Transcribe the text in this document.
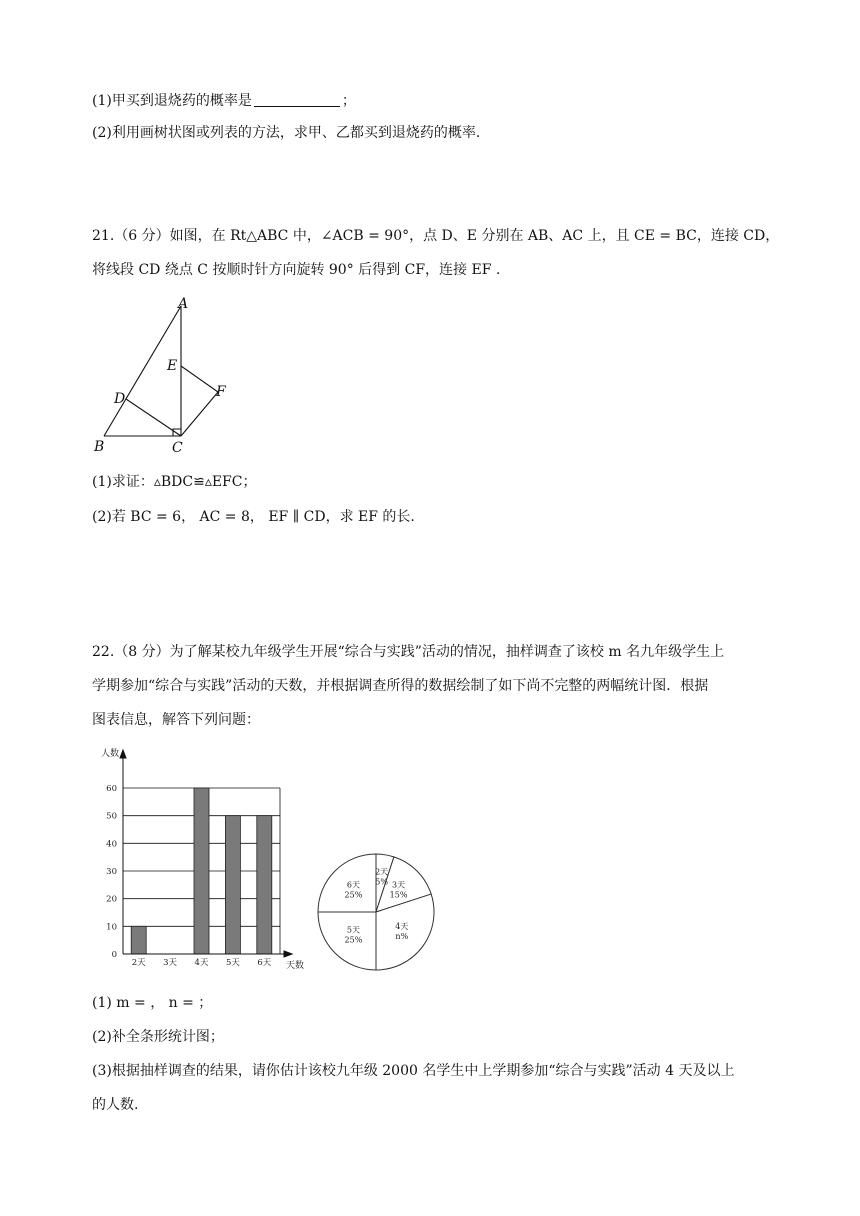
(1)甲买到退烧药的概率是	；
(2)利用画树状图或列表的方法，求甲、乙都买到退烧药的概率.
21.（6 分）如图，在 Rt△ABC 中，∠ACB = 90°，点 D、E 分别在 AB、AC 上，且 CE = BC，连接 CD，
将线段 CD 绕点 C 按顺时针方向旋转 90° 后得到 CF，连接 EF .
A
B	C
D
E
F
(1)求证：▵BDC≌▵EFC；
(2)若 BC = 6， AC = 8， EF ∥ CD，求 EF 的长.
22.（8 分）为了解某校九年级学生开展“综合与实践”活动的情况，抽样调查了该校 m 名九年级学生上
学期参加“综合与实践”活动的天数，并根据调查所得的数据绘制了如下尚不完整的两幅统计图．根据
图表信息，解答下列问题：
0
10
20
30
40
50
60
2天 3天 4天 5天 6天
人数
天数
2天
5% 3天
15%
4天
n%
5天
25%
6天
25%
(1) m = ， n = ；
(2)补全条形统计图；
(3)根据抽样调查的结果，请你估计该校九年级 2000 名学生中上学期参加“综合与实践”活动 4 天及以上
的人数.
